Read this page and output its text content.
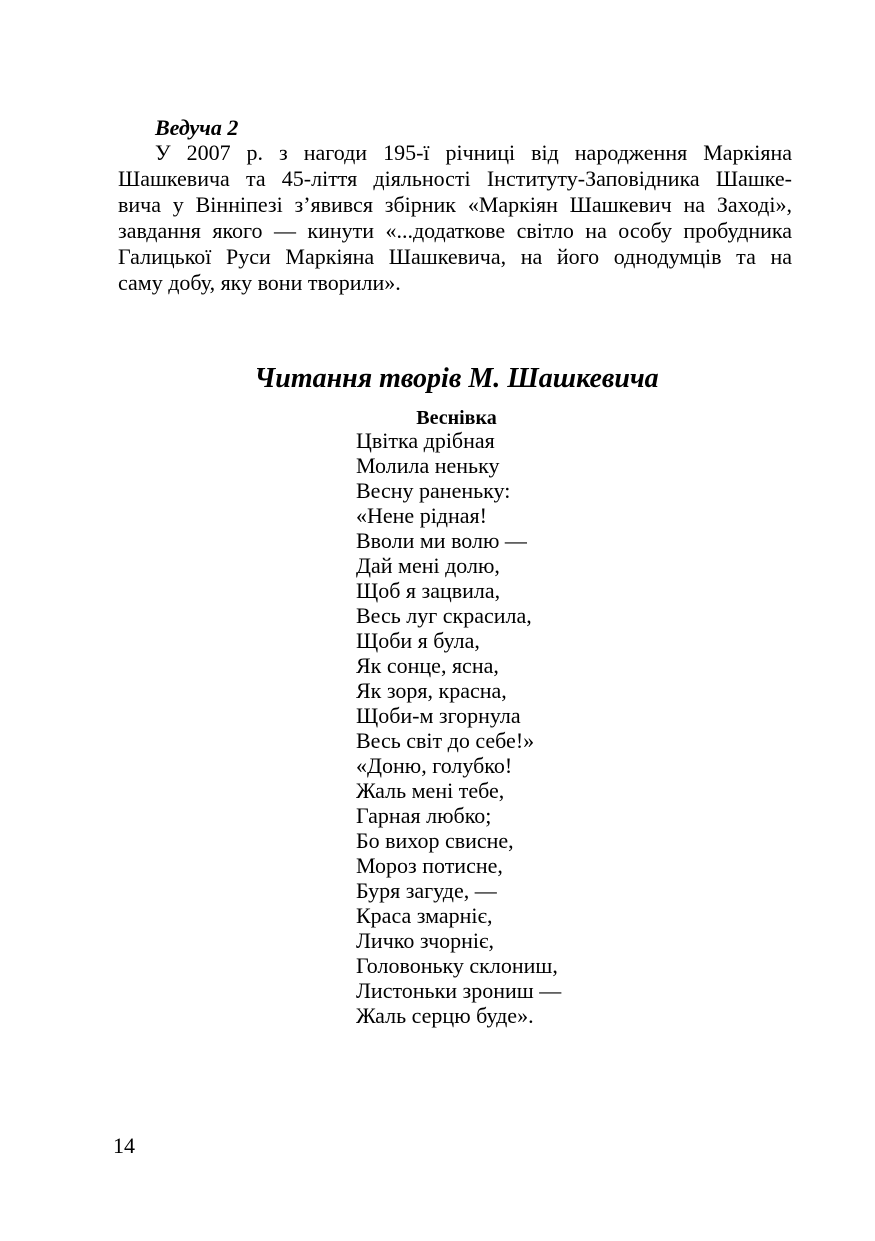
Ведуча 2

У 2007 р. з нагоди 195-ї річниці від народження Маркіяна
Шашкевича та 45-ліття діяльності Інституту-Заповідника Шашке-
вича у Вінніпезі з’явився збірник «Маркіян Шашкевич на Заході»,
завдання якого — кинути «...додаткове світло на особу пробудника
Галицької Руси Маркіяна Шашкевича, на його однодумців та на
саму добу, яку вони творили».
Читання творів М. Шашкевича
Веснівка
Цвітка дрібная
Молила неньку
Весну раненьку:
«Нене рідная!
Вволи ми волю —
Дай мені долю,
Щоб я зацвила,
Весь луг скрасила,
Щоби я була,
Як сонце, ясна,
Як зоря, красна,
Щоби-м згорнула
Весь світ до себе!»
«Доню, голубко!
Жаль мені тебе,
Гарная любко;
Бо вихор свисне,
Мороз потисне,
Буря загуде, —
Краса змарніє,
Личко зчорніє,
Головоньку склониш,
Листоньки зрониш —
Жаль серцю буде».
14
